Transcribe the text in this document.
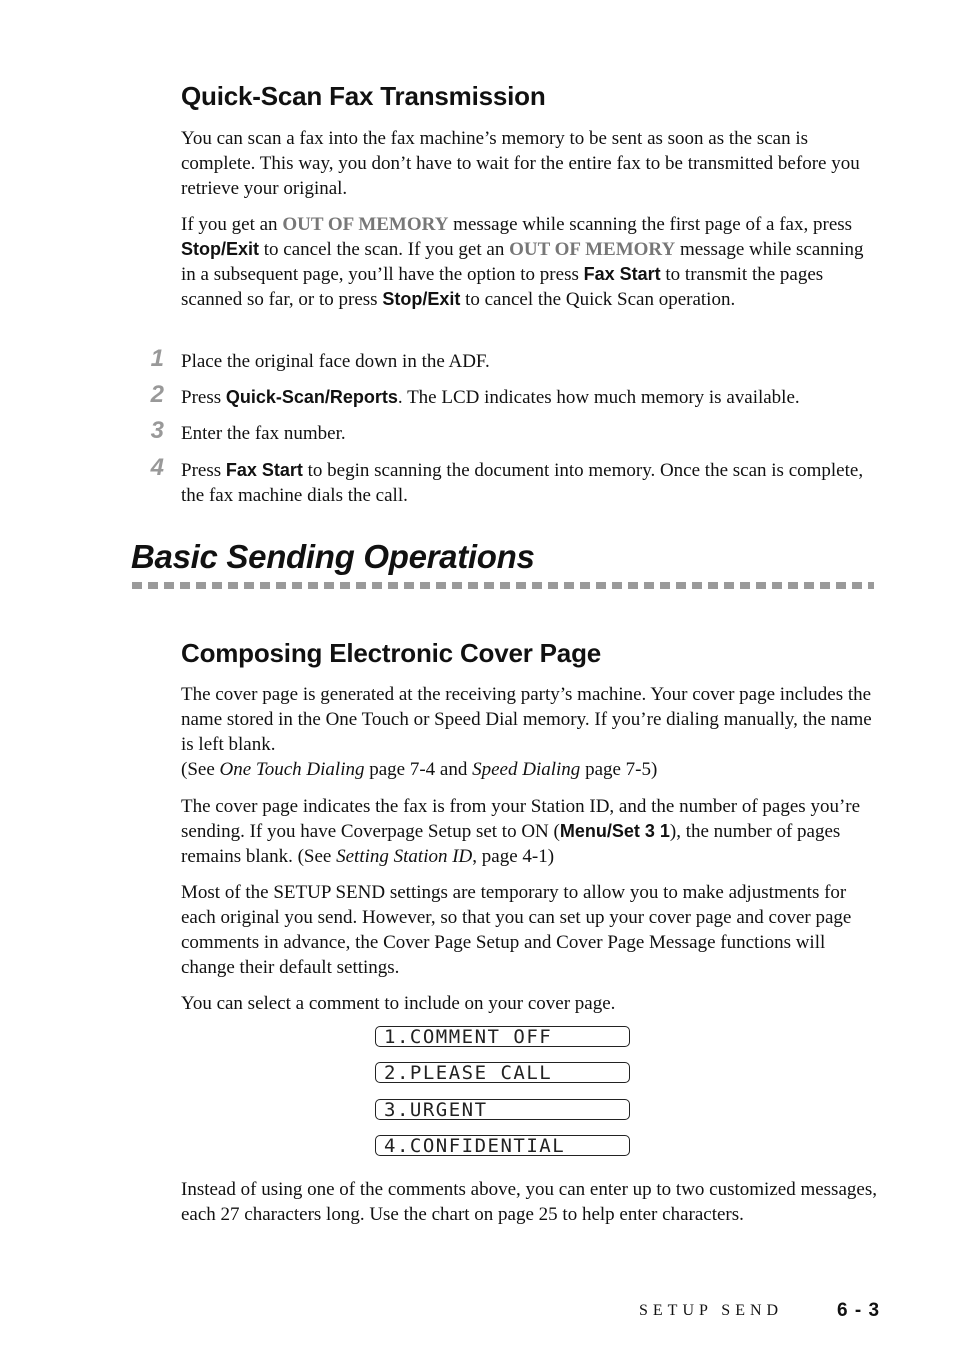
Quick-Scan Fax Transmission
You can scan a fax into the fax machine’s memory to be sent as soon as the scan is complete. This way, you don’t have to wait for the entire fax to be transmitted before you retrieve your original.
If you get an OUT OF MEMORY message while scanning the first page of a fax, press Stop/Exit to cancel the scan. If you get an OUT OF MEMORY message while scanning in a subsequent page, you’ll have the option to press Fax Start to transmit the pages scanned so far, or to press Stop/Exit to cancel the Quick Scan operation.
1 Place the original face down in the ADF.
2 Press Quick-Scan/Reports. The LCD indicates how much memory is available.
3 Enter the fax number.
4 Press Fax Start to begin scanning the document into memory. Once the scan is complete, the fax machine dials the call.
Basic Sending Operations
Composing Electronic Cover Page
The cover page is generated at the receiving party’s machine. Your cover page includes the name stored in the One Touch or Speed Dial memory. If you’re dialing manually, the name is left blank.
(See One Touch Dialing page 7-4 and Speed Dialing page 7-5)
The cover page indicates the fax is from your Station ID, and the number of pages you’re sending. If you have Coverpage Setup set to ON (Menu/Set 3 1), the number of pages remains blank. (See Setting Station ID, page 4-1)
Most of the SETUP SEND settings are temporary to allow you to make adjustments for each original you send. However, so that you can set up your cover page and cover page comments in advance, the Cover Page Setup and Cover Page Message functions will change their default settings.
You can select a comment to include on your cover page.
1.COMMENT OFF
2.PLEASE CALL
3.URGENT
4.CONFIDENTIAL
Instead of using one of the comments above, you can enter up to two customized messages, each 27 characters long. Use the chart on page 25 to help enter characters.
SETUP SEND	6 - 3
